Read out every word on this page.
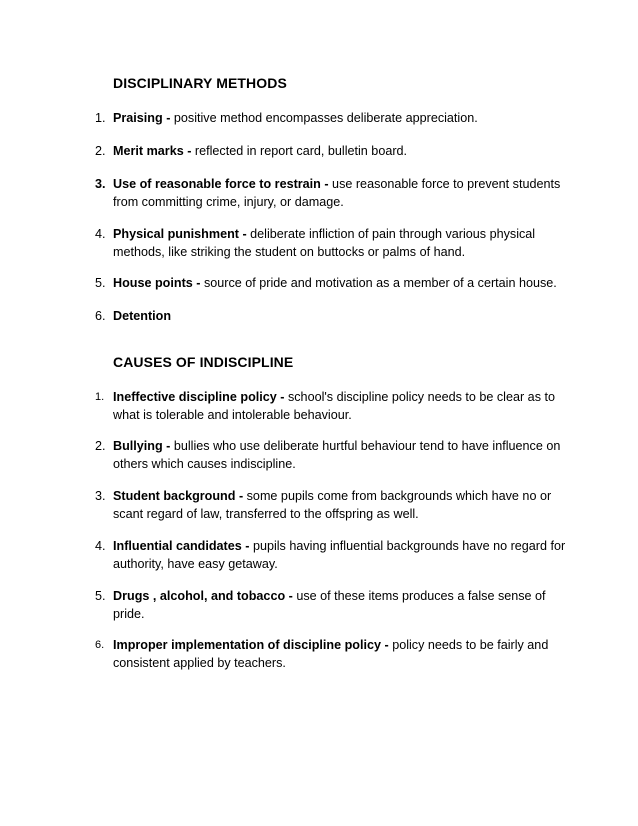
DISCIPLINARY METHODS
1. Praising - positive method encompasses deliberate appreciation.
2. Merit marks - reflected in report card, bulletin board.
3. Use of reasonable force to restrain - use reasonable force to prevent students from committing crime, injury, or damage.
4. Physical punishment - deliberate infliction of pain through various physical methods, like striking the student on buttocks or palms of hand.
5. House points - source of pride and motivation as a member of a certain house.
6. Detention
CAUSES OF INDISCIPLINE
1. Ineffective discipline policy - school's discipline policy needs to be clear as to what is tolerable and intolerable behaviour.
2. Bullying - bullies who use deliberate hurtful behaviour tend to have influence on others which causes indiscipline.
3. Student background - some pupils come from backgrounds which have no or scant regard of law, transferred to the offspring as well.
4. Influential candidates - pupils having influential backgrounds have no regard for authority, have easy getaway.
5. Drugs , alcohol, and tobacco - use of these items produces a false sense of pride.
6. Improper implementation of discipline policy - policy needs to be fairly and consistent applied by teachers.
